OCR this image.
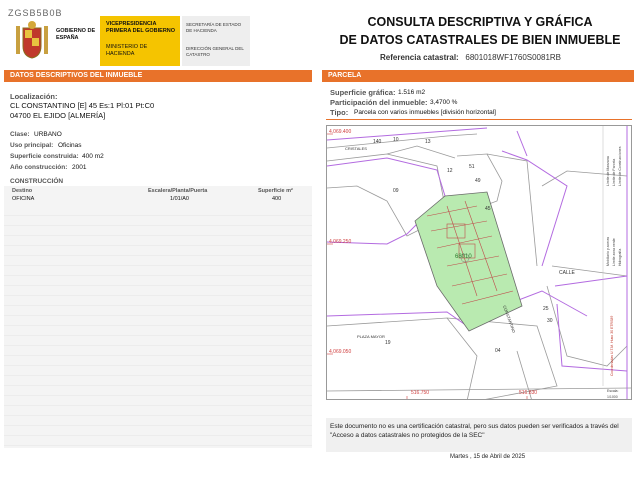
ZGSB5B0B
GOBIERNO DE ESPAÑA
VICEPRESIDENCIA PRIMERA DEL GOBIERNO
MINISTERIO DE HACIENDA
SECRETARÍA DE ESTADO DE HACIENDA
DIRECCIÓN GENERAL DEL CATASTRO
CONSULTA DESCRIPTIVA Y GRÁFICA
DE DATOS CATASTRALES DE BIEN INMUEBLE
Referencia catastral: 6801018WF1760S0081RB
DATOS DESCRIPTIVOS DEL INMUEBLE
Localización:
CL CONSTANTINO [E] 45 Es:1 Pl:01 Pt:C0
04700 EL EJIDO [ALMERÍA]
Clase: URBANO
Uso principal: Oficinas
Superficie construida: 400 m2
Año construcción: 2001
CONSTRUCCIÓN
Destino	Escalera/Planta/Puerta	Superficie m²
OFICINA	1/01/A0	400
PARCELA
Superficie gráfica: 1.516 m2
Participación del inmueble: 3,4700 %
Tipo: Parcela con varios inmuebles [división horizontal]
140 10	13
51
12
09
49
45
19
04
25
30
68010
CALLE
CRISTALES
PLAZA MAYOR
CONSTANTINO
4.069.400
4.069.250
4.069.050
516.750	516.830
Límite de Manzana Límite de Parcela Límite de Construcciones
Mobiliario y aceras Límite zona verde Hidrografía
Coordenadas U.T.M. Huso 30 ETRS89
Escala:
1/1000
Este documento no es una certificación catastral, pero sus datos pueden ser verificados a través del "Acceso a datos catastrales no protegidos de la SEC"
Martes , 15 de Abril de 2025
